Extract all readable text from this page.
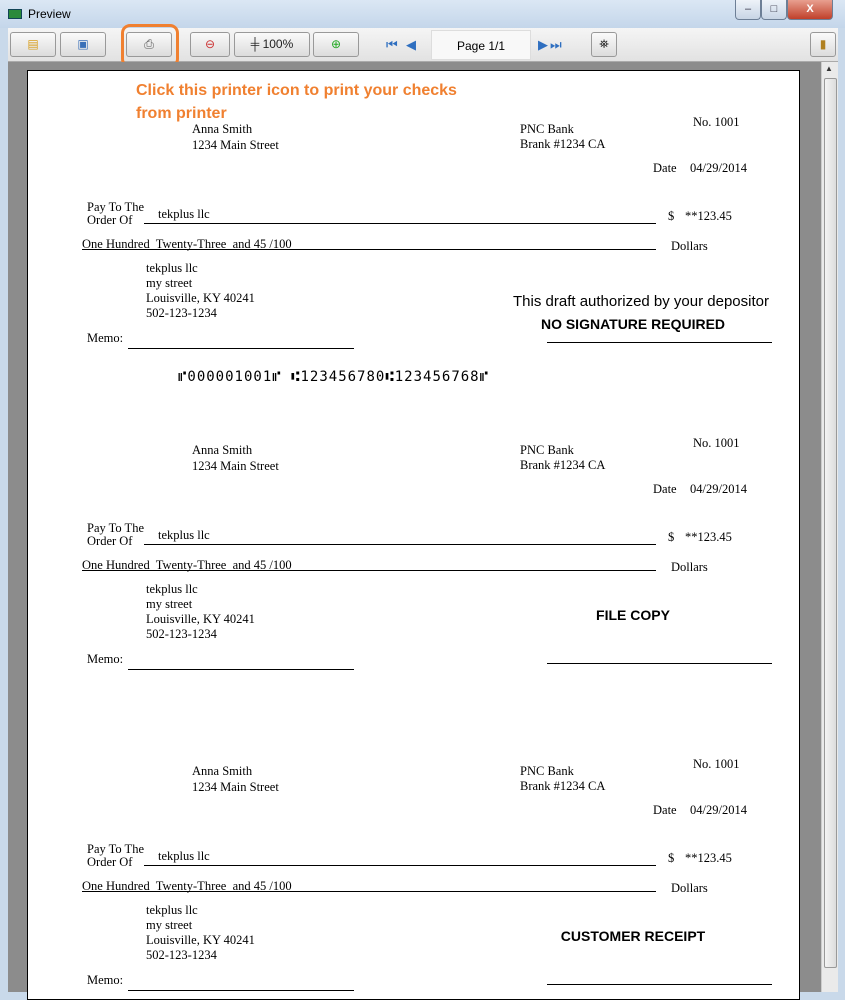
Preview	–	□	X
▤	▣	⎙	⊖	╪ 100%	⊕	⏮ ◀	Page 1/1	▶ ⏭	⛯	▮
Click this printer icon to print your checks from printer
Anna Smith
1234 Main Street
PNC Bank
Brank #1234 CA
No. 1001
Date 04/29/2014
Pay To The
Order Of tekplus llc	$ **123.45
One Hundred  Twenty-Three  and 45 /100	Dollars
tekplus llc
my street
Louisville, KY 40241
502-123-1234
This draft authorized by your depositor
NO SIGNATURE REQUIRED
Memo:
⑈000001001⑈ ⑆123456780⑆123456768⑈
Anna Smith
1234 Main Street
PNC Bank
Brank #1234 CA
No. 1001
Date 04/29/2014
Pay To The
Order Of tekplus llc	$ **123.45
One Hundred  Twenty-Three  and 45 /100	Dollars
tekplus llc
my street
Louisville, KY 40241
502-123-1234
FILE COPY
Memo:
Anna Smith
1234 Main Street
PNC Bank
Brank #1234 CA
No. 1001
Date 04/29/2014
Pay To The
Order Of tekplus llc	$ **123.45
One Hundred  Twenty-Three  and 45 /100	Dollars
tekplus llc
my street
Louisville, KY 40241
502-123-1234
CUSTOMER RECEIPT
Memo:
▲
